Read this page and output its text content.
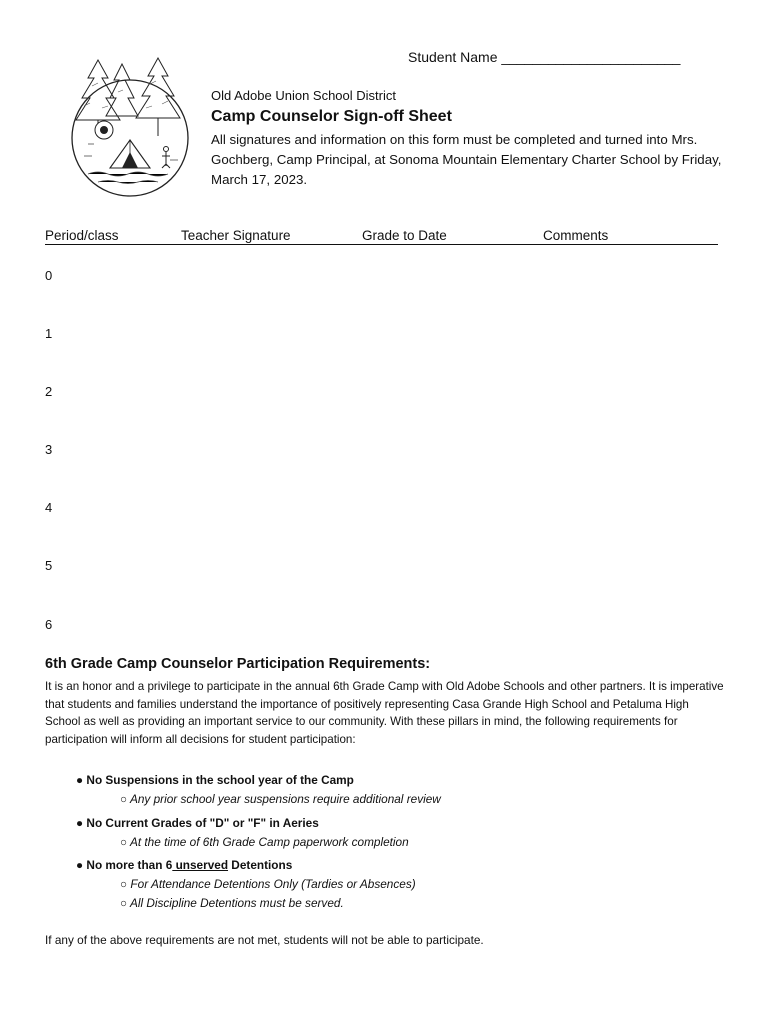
Student Name _______________________
Old Adobe Union School District
Camp Counselor Sign-off Sheet
All signatures and information on this form must be completed and turned into Mrs. Gochberg, Camp Principal, at Sonoma Mountain Elementary Charter School by Friday, March 17, 2023.
Period/class	Teacher Signature	Grade to Date	Comments
0
1
2
3
4
5
6
6th Grade Camp Counselor Participation Requirements:
It is an honor and a privilege to participate in the annual 6th Grade Camp with Old Adobe Schools and other partners. It is imperative that students and families understand the importance of positively representing Casa Grande High School and Petaluma High School as well as providing an important service to our community. With these pillars in mind, the following requirements for participation will inform all decisions for student participation:
● No Suspensions in the school year of the Camp
○ Any prior school year suspensions require additional review
● No Current Grades of "D" or "F" in Aeries
○ At the time of 6th Grade Camp paperwork completion
● No more than 6 unserved Detentions
○ For Attendance Detentions Only (Tardies or Absences)
○ All Discipline Detentions must be served.
If any of the above requirements are not met, students will not be able to participate.
